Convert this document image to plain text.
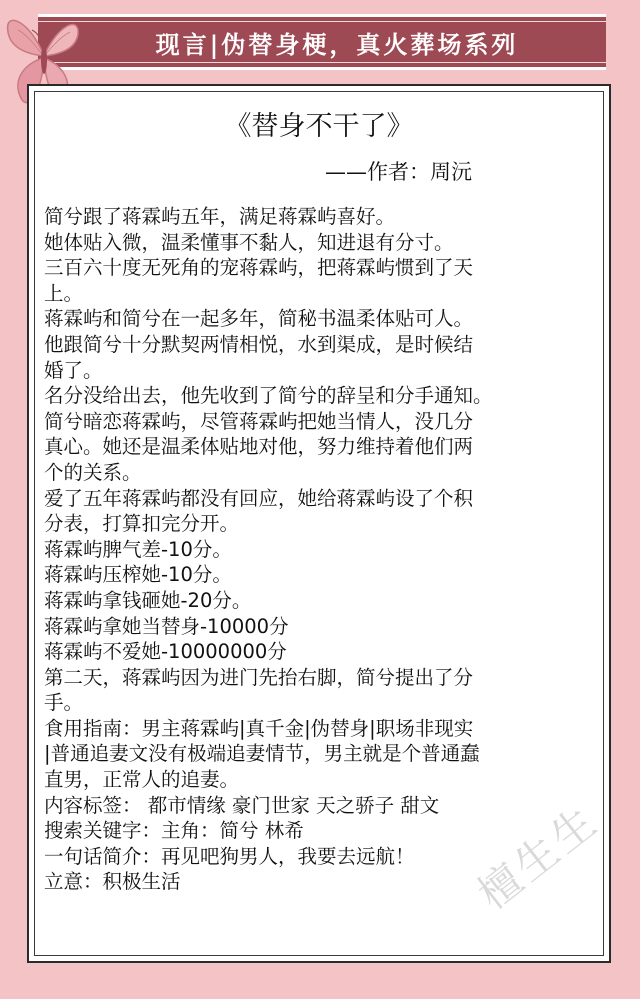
现言|伪替身梗，真火葬场系列
《替身不干了》
——作者：周沅

简兮跟了蒋霖屿五年，满足蒋霖屿喜好。

她体贴入微，温柔懂事不黏人，知进退有分寸。

三百六十度无死角的宠蒋霖屿，把蒋霖屿惯到了天

上。

蒋霖屿和简兮在一起多年，简秘书温柔体贴可人。

他跟简兮十分默契两情相悦，水到渠成，是时候结

婚了。

名分没给出去，他先收到了简兮的辞呈和分手通知。

简兮暗恋蒋霖屿，尽管蒋霖屿把她当情人，没几分

真心。她还是温柔体贴地对他，努力维持着他们两

个的关系。

爱了五年蒋霖屿都没有回应，她给蒋霖屿设了个积

分表，打算扣完分开。

蒋霖屿脾气差-10分。

蒋霖屿压榨她-10分。

蒋霖屿拿钱砸她-20分。

蒋霖屿拿她当替身-10000分

蒋霖屿不爱她-10000000分

第二天，蒋霖屿因为进门先抬右脚，简兮提出了分

手。

食用指南：男主蒋霖屿|真千金|伪替身|职场非现实

|普通追妻文没有极端追妻情节，男主就是个普通蠢

直男，正常人的追妻。

内容标签： 都市情缘 豪门世家 天之骄子 甜文

搜索关键字：主角：简兮 林希

一句话简介：再见吧狗男人，我要去远航！

立意：积极生活	檀生生
